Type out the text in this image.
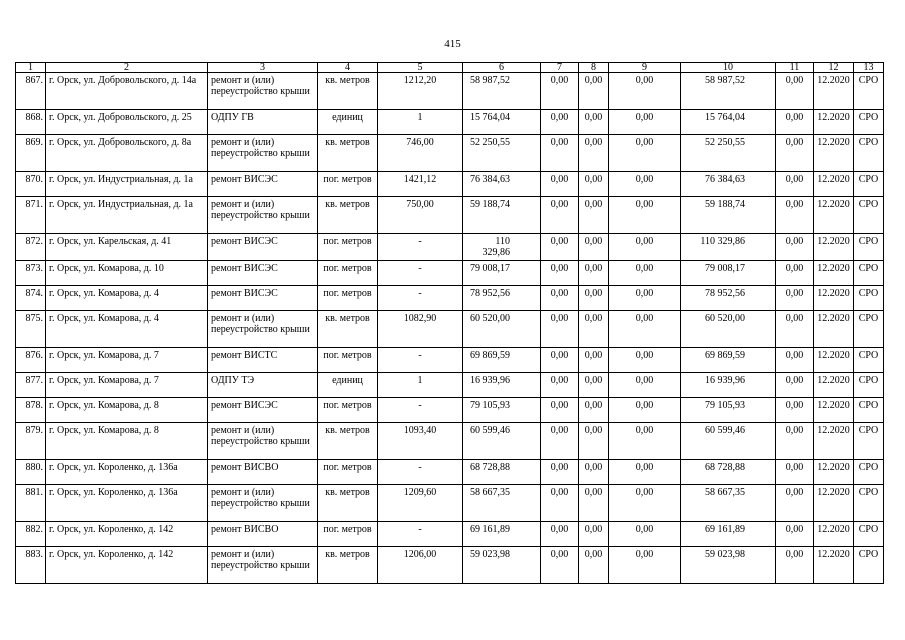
415
1	2	3	4	5	6	7	8	9	10	11	12	13
867.	г. Орск, ул. Добровольского, д. 14а	ремонт и (или) переустройство крыши	кв. метров	1212,20	58 987,52	0,00	0,00	0,00	58 987,52	0,00	12.2020	СРО
868.	г. Орск, ул. Добровольского, д. 25	ОДПУ ГВ	единиц	1	15 764,04	0,00	0,00	0,00	15 764,04	0,00	12.2020	СРО
869.	г. Орск, ул. Добровольского, д. 8а	ремонт и (или) переустройство крыши	кв. метров	746,00	52 250,55	0,00	0,00	0,00	52 250,55	0,00	12.2020	СРО
870.	г. Орск, ул. Индустриальная, д. 1а	ремонт ВИСЭС	пог. метров	1421,12	76 384,63	0,00	0,00	0,00	76 384,63	0,00	12.2020	СРО
871.	г. Орск, ул. Индустриальная, д. 1а	ремонт и (или) переустройство крыши	кв. метров	750,00	59 188,74	0,00	0,00	0,00	59 188,74	0,00	12.2020	СРО
872.	г. Орск, ул. Карельская, д. 41	ремонт ВИСЭС	пог. метров	-	110 329,86	0,00	0,00	0,00	110 329,86	0,00	12.2020	СРО
873.	г. Орск, ул. Комарова, д. 10	ремонт ВИСЭС	пог. метров	-	79 008,17	0,00	0,00	0,00	79 008,17	0,00	12.2020	СРО
874.	г. Орск, ул. Комарова, д. 4	ремонт ВИСЭС	пог. метров	-	78 952,56	0,00	0,00	0,00	78 952,56	0,00	12.2020	СРО
875.	г. Орск, ул. Комарова, д. 4	ремонт и (или) переустройство крыши	кв. метров	1082,90	60 520,00	0,00	0,00	0,00	60 520,00	0,00	12.2020	СРО
876.	г. Орск, ул. Комарова, д. 7	ремонт ВИСТС	пог. метров	-	69 869,59	0,00	0,00	0,00	69 869,59	0,00	12.2020	СРО
877.	г. Орск, ул. Комарова, д. 7	ОДПУ ТЭ	единиц	1	16 939,96	0,00	0,00	0,00	16 939,96	0,00	12.2020	СРО
878.	г. Орск, ул. Комарова, д. 8	ремонт ВИСЭС	пог. метров	-	79 105,93	0,00	0,00	0,00	79 105,93	0,00	12.2020	СРО
879.	г. Орск, ул. Комарова, д. 8	ремонт и (или) переустройство крыши	кв. метров	1093,40	60 599,46	0,00	0,00	0,00	60 599,46	0,00	12.2020	СРО
880.	г. Орск, ул. Короленко, д. 136а	ремонт ВИСВО	пог. метров	-	68 728,88	0,00	0,00	0,00	68 728,88	0,00	12.2020	СРО
881.	г. Орск, ул. Короленко, д. 136а	ремонт и (или) переустройство крыши	кв. метров	1209,60	58 667,35	0,00	0,00	0,00	58 667,35	0,00	12.2020	СРО
882.	г. Орск, ул. Короленко, д. 142	ремонт ВИСВО	пог. метров	-	69 161,89	0,00	0,00	0,00	69 161,89	0,00	12.2020	СРО
883.	г. Орск, ул. Короленко, д. 142	ремонт и (или) переустройство крыши	кв. метров	1206,00	59 023,98	0,00	0,00	0,00	59 023,98	0,00	12.2020	СРО
